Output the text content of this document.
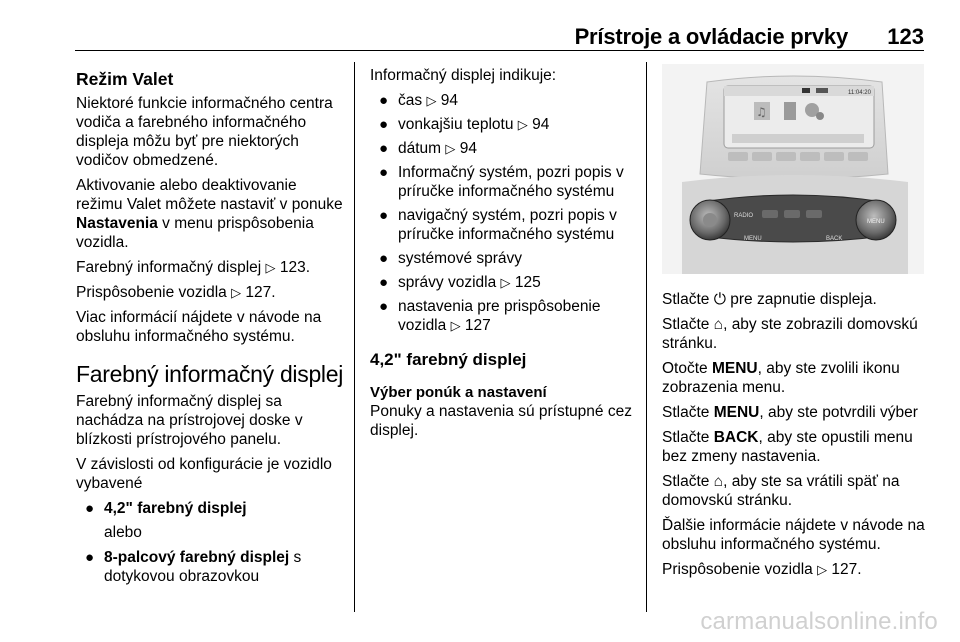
Prístroje a ovládacie prvky 123
Režim Valet

Niektoré funkcie informačného centra vodiča a farebného informačného displeja môžu byť pre niektorých vodičov obmedzené.

Aktivovanie alebo deaktivovanie režimu Valet môžete nastaviť v ponuke Nastavenia v menu prispôsobenia vozidla.

Farebný informačný displej ▷ 123.

Prispôsobenie vozidla ▷ 127.

Viac informácií nájdete v návode na obsluhu informačného systému.

Farebný informačný displej

Farebný informačný displej sa nachádza na prístrojovej doske v blízkosti prístrojového panelu.

V závislosti od konfigurácie je vozidlo vybavené

● 4,2" farebný displej

alebo

● 8-palcový farebný displej s dotykovou obrazovkou

Informačný displej indikuje:

● čas ▷ 94
● vonkajšiu teplotu ▷ 94
● dátum ▷ 94
● Informačný systém, pozri popis v príručke informačného systému
● navigačný systém, pozri popis v príručke informačného systému
● systémové správy
● správy vozidla ▷ 125
● nastavenia pre prispôsobenie vozidla ▷ 127
4,2" farebný displej
Výber ponúk a nastavení

Ponuky a nastavenia sú prístupné cez displej.

11:04:20
♫
MENU
RADIO
MENU	BACK

Stlačte ⏻ pre zapnutie displeja.

Stlačte ⌂, aby ste zobrazili domovskú stránku.

Otočte MENU, aby ste zvolili ikonu zobrazenia menu.

Stlačte MENU, aby ste potvrdili výber

Stlačte BACK, aby ste opustili menu bez zmeny nastavenia.

Stlačte ⌂, aby ste sa vrátili späť na domovskú stránku.

Ďalšie informácie nájdete v návode na obsluhu informačného systému.

Prispôsobenie vozidla ▷ 127.

carmanualsonline.info
